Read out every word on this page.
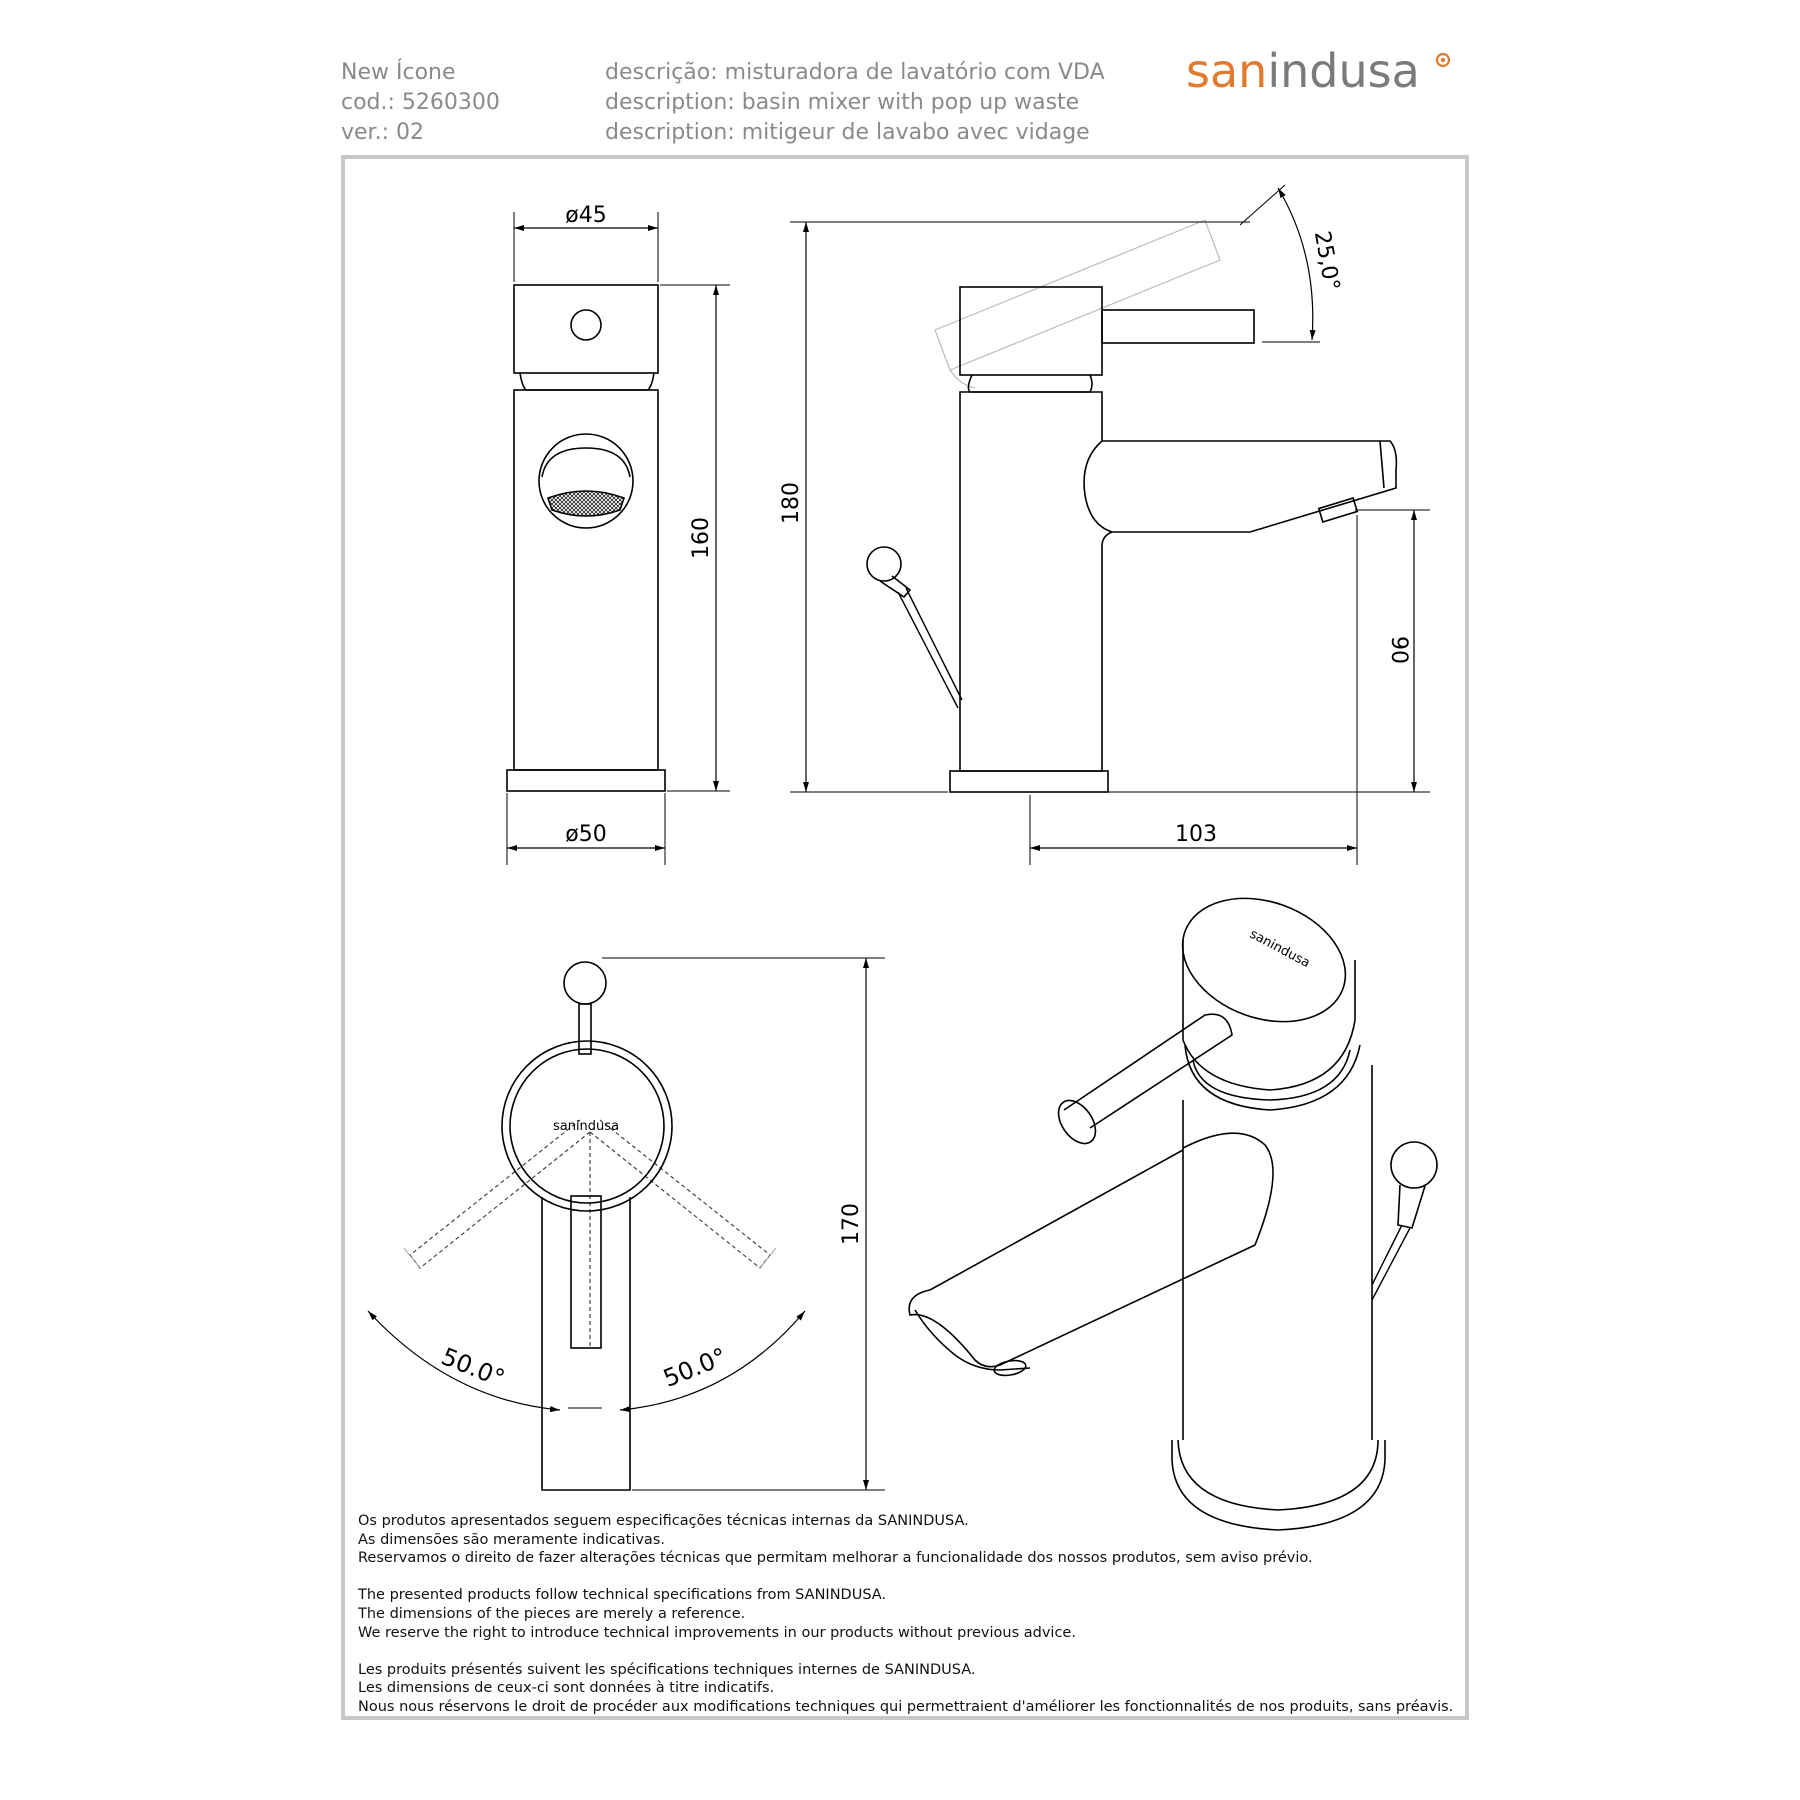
New Ícone
cod.: 5260300
ver.: 02
descrição: misturadora de lavatório com VDA
description: basin mixer with pop up waste
description: mitigeur de lavabo avec vidage
sanindusa
ø45
ø50
160
180
90
103
25,0°
sanindusa
50.0°	50.0°
170
sanindusa
Os produtos apresentados seguem especificações técnicas internas da SANINDUSA.
As dimensões são meramente indicativas.
Reservamos o direito de fazer alterações técnicas que permitam melhorar a funcionalidade dos nossos produtos, sem aviso prévio.
The presented products follow technical specifications from SANINDUSA.
The dimensions of the pieces are merely a reference.
We reserve the right to introduce technical improvements in our products without previous advice.
Les produits présentés suivent les spécifications techniques internes de SANINDUSA.
Les dimensions de ceux-ci sont données à titre indicatifs.
Nous nous réservons le droit de procéder aux modifications techniques qui permettraient d'améliorer les fonctionnalités de nos produits, sans préavis.
